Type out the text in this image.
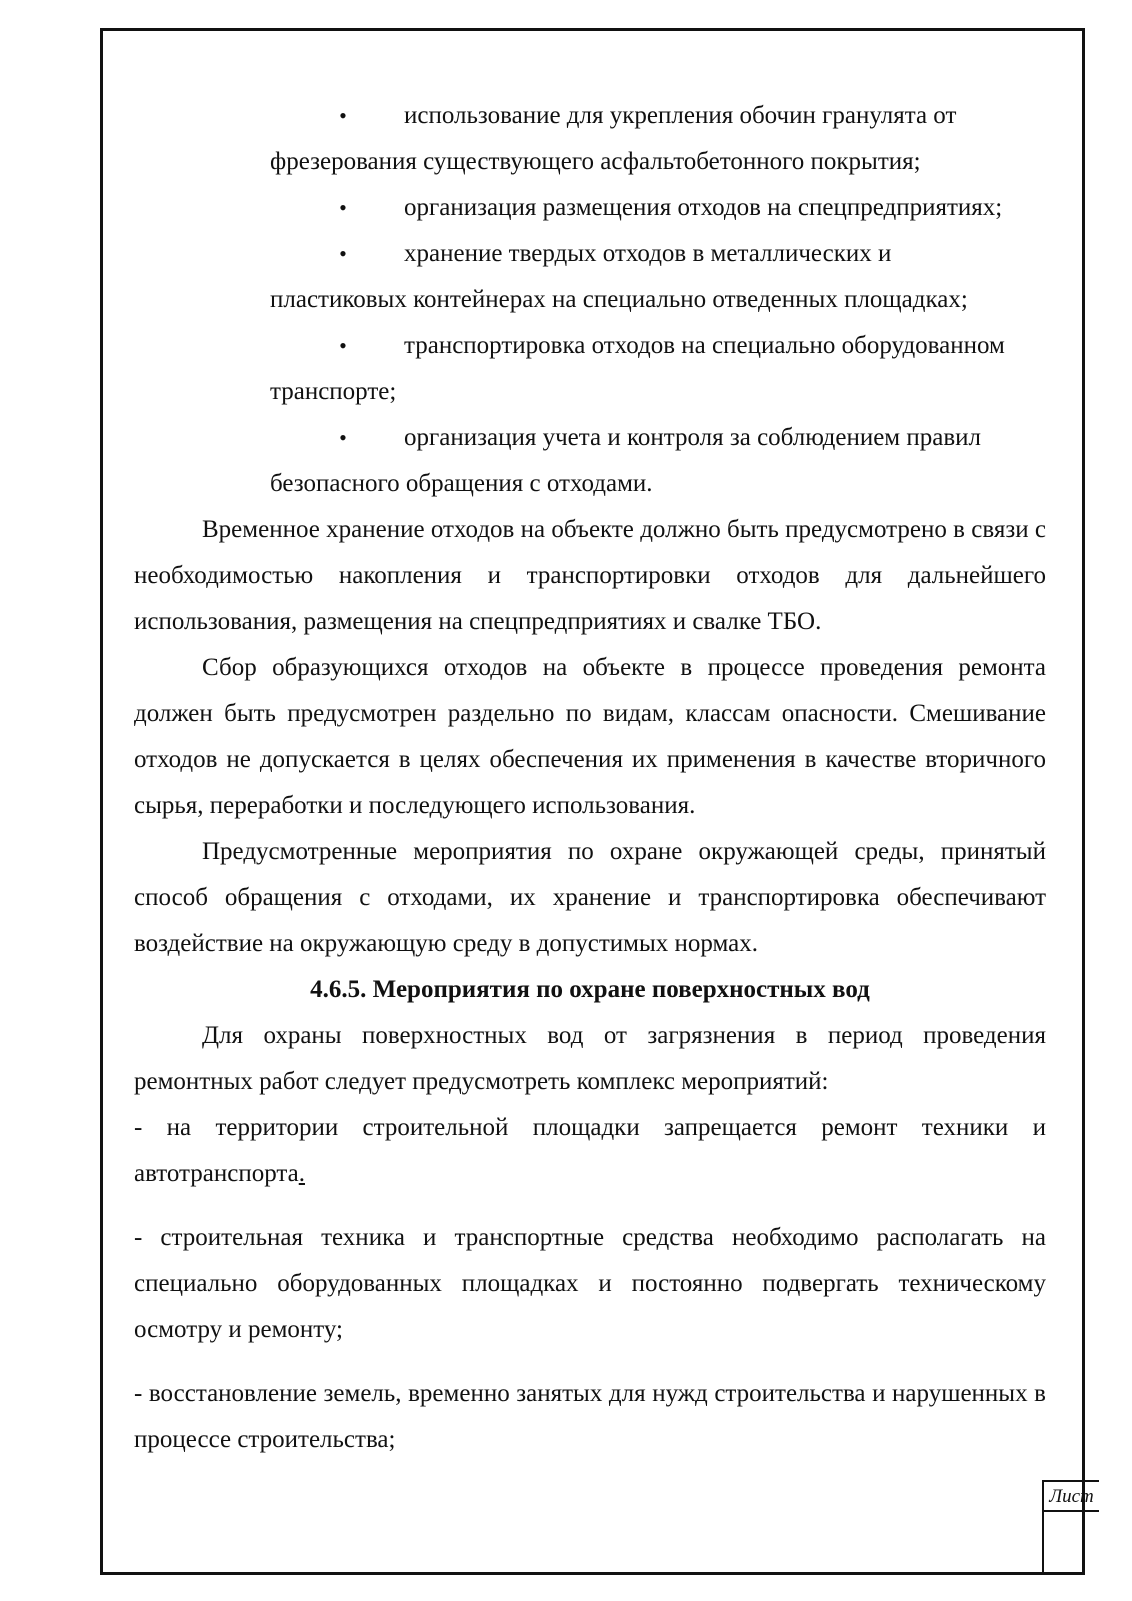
• использование для укрепления обочин гранулята от

фрезерования существующего асфальтобетонного покрытия;

• организация размещения отходов на спецпредприятиях;

• хранение твердых отходов в металлических и

пластиковых контейнерах на специально отведенных площадках;

• транспортировка отходов на специально оборудованном

транспорте;

• организация учета и контроля за соблюдением правил

безопасного обращения с отходами.

Временное хранение отходов на объекте должно быть предусмотрено в связи с необходимостью накопления и транспортировки отходов для дальнейшего использования, размещения на спецпредприятиях и свалке ТБО.

Сбор образующихся отходов на объекте в процессе проведения ремонта должен быть предусмотрен раздельно по видам, классам опасности. Смешивание отходов не допускается в целях обеспечения их применения в качестве вторичного сырья, переработки и последующего использования.

Предусмотренные мероприятия по охране окружающей среды, принятый способ обращения с отходами, их хранение и транспортировка обеспечивают воздействие на окружающую среду в допустимых нормах.

4.6.5. Мероприятия по охране поверхностных вод

Для охраны поверхностных вод от загрязнения в период проведения ремонтных работ следует предусмотреть комплекс мероприятий:

- на территории строительной площадки запрещается ремонт техники и автотранспорта.

- строительная техника и транспортные средства необходимо располагать на специально оборудованных площадках и постоянно подвергать техническому осмотру и ремонту;

- восстановление земель, временно занятых для нужд строительства и нарушенных в процессе строительства;

Лист
